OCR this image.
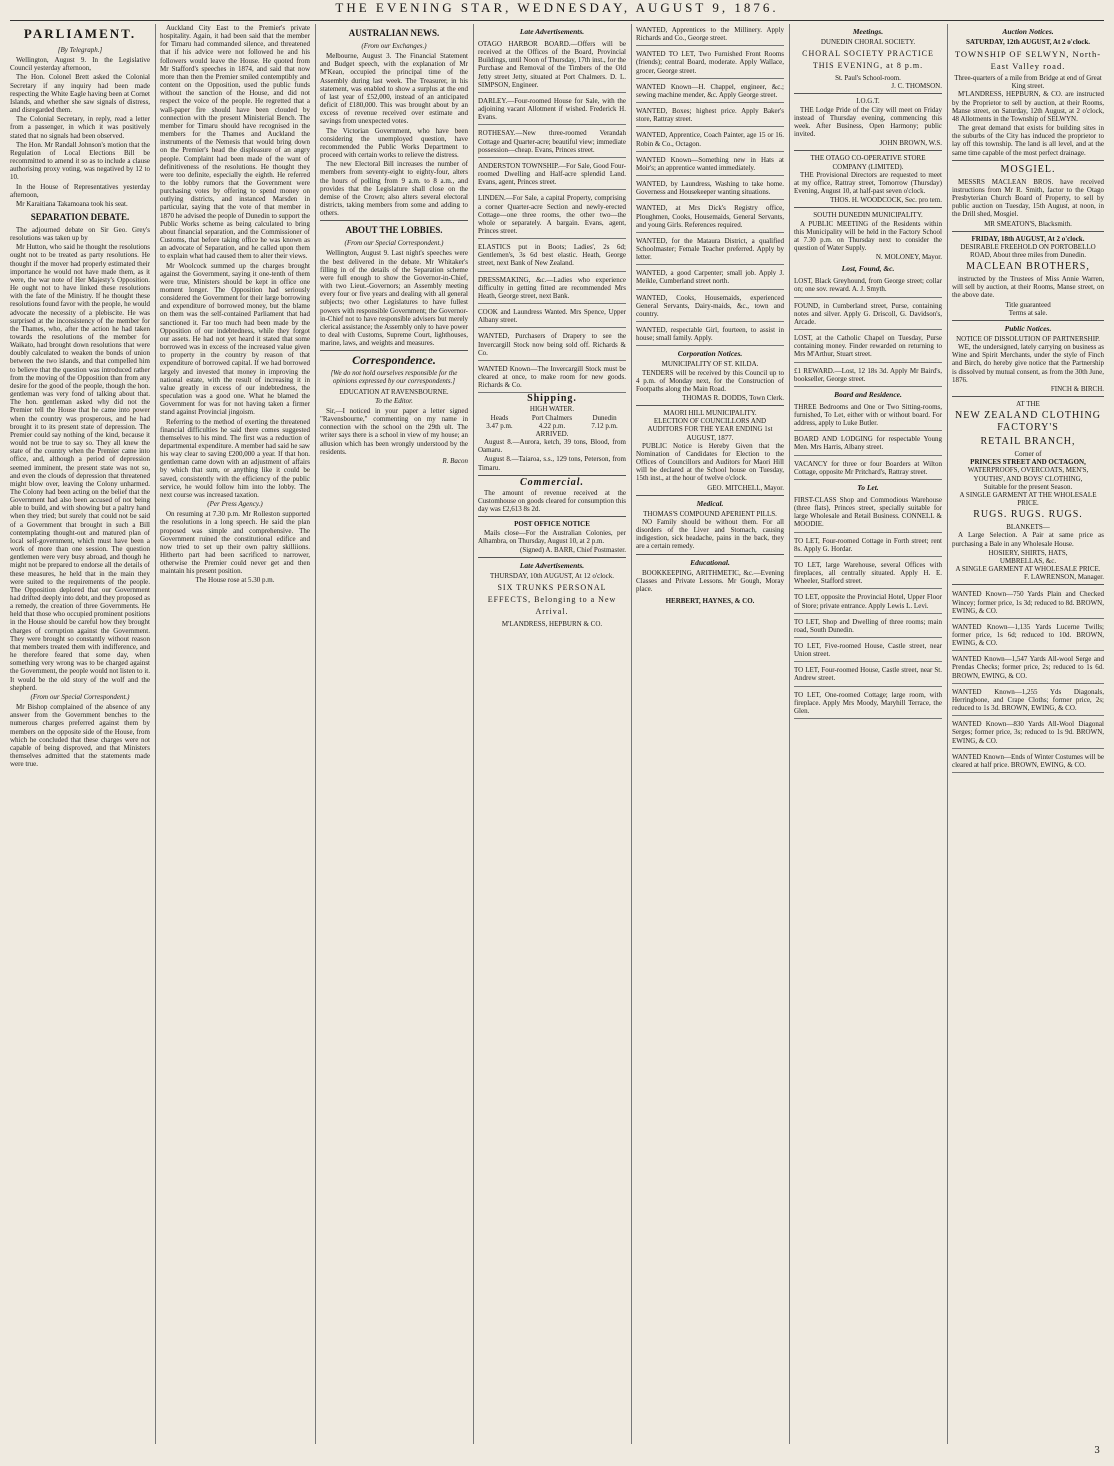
THE EVENING STAR, WEDNESDAY, AUGUST 9, 1876.
PARLIAMENT.
[By Telegraph.]

Wellington, August 9. In the Legislative Council yesterday afternoon,

The Hon. Colonel Brett asked the Colonial Secretary if any inquiry had been made respecting the White Eagle having been at Cornet Islands, and whether she saw signals of distress, and disregarded them.

The Colonial Secretary, in reply, read a letter from a passenger, in which it was positively stated that no signals had been observed.

The Hon. Mr Randall Johnson's motion that the Regulation of Local Elections Bill be recommitted to amend it so as to include a clause authorising proxy voting, was negatived by 12 to 10.

In the House of Representatives yesterday afternoon,

Mr Karaitiana Takamoana took his seat.

SEPARATION DEBATE.

The adjourned debate on Sir Geo. Grey's resolutions was taken up by

Mr Hutton, who said he thought the resolutions ought not to be treated as party resolutions. He thought if the mover had properly estimated their importance he would not have made them, as it were, the war note of Her Majesty's Opposition. He ought not to have linked these resolutions with the fate of the Ministry. If he thought these resolutions found favor with the people, he would advocate the necessity of a plebiscite. He was surprised at the inconsistency of the member for the Thames, who, after the action he had taken towards the resolutions of the member for Waikato, had brought down resolutions that were doubly calculated to weaken the bonds of union between the two islands, and that compelled him to believe that the question was introduced rather from the moving of the Opposition than from any desire for the good of the people, though the hon. gentleman was very fond of talking about that. The hon. gentleman asked why did not the Premier tell the House that he came into power when the country was prosperous, and he had brought it to its present state of depression. The Premier could say nothing of the kind, because it would not be true to say so. They all knew the state of the country when the Premier came into office, and, although a period of depression seemed imminent, the present state was not so, and even the clouds of depression that threatened might blow over, leaving the Colony unharmed. The Colony had been acting on the belief that the Government had also been accused of not being able to build, and with showing but a paltry hand when they tried; but surely that could not be said of a Government that brought in such a Bill contemplating thought-out and matured plan of local self-government, which must have been a work of more than one session. The question gentlemen were very busy abroad, and though he might not be prepared to endorse all the details of these measures, he held that in the main they were suited to the requirements of the people. The Opposition deplored that our Government had drifted deeply into debt, and they proposed as a remedy, the creation of three Governments. He held that those who occupied prominent positions in the House should be careful how they brought charges of corruption against the Government. They were brought so constantly without reason that members treated them with indifference, and he therefore feared that some day, when something very wrong was to be charged against the Government, the people would not listen to it. It would be the old story of the wolf and the shepherd.

(From our Special Correspondent.)

Mr Bishop complained of the absence of any answer from the Government benches to the numerous charges preferred against them by members on the opposite side of the House, from which he concluded that these charges were not capable of being disproved, and that Ministers themselves admitted that the statements made were true.

Auckland City East to the Premier's private hospitality. Again, it had been said that the member for Timaru had commanded silence, and threatened that if his advice were not followed he and his followers would leave the House. He quoted from Mr Stafford's speeches in 1874, and said that now more than then the Premier smiled contemptibly and content on the Opposition, used the public funds without the sanction of the House, and did not respect the voice of the people. He regretted that a wall-paper fire should have been clouded by connection with the present Ministerial Bench. The member for Timaru should have recognised in the members for the Thames and Auckland the instruments of the Nemesis that would bring down on the Premier's head the displeasure of an angry people. Complaint had been made of the want of definitiveness of the resolutions. He thought they were too definite, especially the eighth. He referred to the lobby rumors that the Government were purchasing votes by offering to spend money on outlying districts, and instanced Marsden in particular, saying that the vote of that member in 1870 he advised the people of Dunedin to support the Public Works scheme as being calculated to bring about financial separation, and the Commissioner of Customs, that before taking office he was known as an advocate of Separation, and he called upon them to explain what had caused them to alter their views.

Mr Woolcock summed up the charges brought against the Government, saying it one-tenth of them were true, Ministers should be kept in office one moment longer. The Opposition had seriously considered the Government for their large borrowing and expenditure of borrowed money, but the blame on them was the self-contained Parliament that had sanctioned it. Far too much had been made by the Opposition of our indebtedness, while they forgot our assets. He had not yet heard it stated that some borrowed was in excess of the increased value given to property in the country by reason of that expenditure of borrowed capital. If we had borrowed largely and invested that money in improving the national estate, with the result of increasing it in value greatly in excess of our indebtedness, the speculation was a good one. What he blamed the Government for was for not having taken a firmer stand against Provincial jingoism.

Referring to the method of exerting the threatened financial difficulties he said there comes suggested themselves to his mind. The first was a reduction of departmental expenditure. A member had said he saw his way clear to saving £200,000 a year. If that hon. gentleman came down with an adjustment of affairs by which that sum, or anything like it could be saved, consistently with the efficiency of the public service, he would follow him into the lobby. The next course was increased taxation.

(Per Press Agency.)

On resuming at 7.30 p.m. Mr Rolleston supported the resolutions in a long speech. He said the plan proposed was simple and comprehensive. The Government ruined the constitutional edifice and now tried to set up their own paltry skilliions. Hitherto part had been sacrificed to narrower, otherwise the Premier could never get and then maintain his present position.

The House rose at 5.30 p.m.
AUSTRALIAN NEWS.
(From our Exchanges.)

Melbourne, August 3. The Financial Statement and Budget speech, with the explanation of Mr M'Kean, occupied the principal time of the Assembly during last week. The Treasurer, in his statement, was enabled to show a surplus at the end of last year of £52,000, instead of an anticipated deficit of £180,000. This was brought about by an excess of revenue received over estimate and savings from unexpected votes.

The Victorian Government, who have been considering the unemployed question, have recommended the Public Works Department to proceed with certain works to relieve the distress.

The new Electoral Bill increases the number of members from seventy-eight to eighty-four, alters the hours of polling from 9 a.m. to 8 a.m., and provides that the Legislature shall close on the demise of the Crown; also alters several electoral districts, taking members from some and adding to others.

ABOUT THE LOBBIES.
(From our Special Correspondent.)

Wellington, August 9. Last night's speeches were the best delivered in the debate. Mr Whitaker's filling in of the details of the Separation scheme were full enough to show the Governor-in-Chief, with two Lieut.-Governors; an Assembly meeting every four or five years and dealing with all general subjects; two other Legislatures to have fullest powers with responsible Government; the Governor-in-Chief not to have responsible advisers but merely clerical assistance; the Assembly only to have power to deal with Customs, Supreme Court, lighthouses, marine, laws, and weights and measures.

Correspondence.
[We do not hold ourselves responsible for the opinions expressed by our correspondents.]
EDUCATION AT RAVENSBOURNE.
To the Editor.

Sir,—I noticed in your paper a letter signed "Ravensbourne," commenting on my name in connection with the school on the 29th ult. The writer says there is a school in view of my house; an allusion which has been wrongly understood by the residents.

R. Bacon
Late Advertisements.

OTAGO HARBOR BOARD.—Offers will be received at the Offices of the Board, Provincial Buildings, until Noon of Thursday, 17th inst., for the Purchase and Removal of the Timbers of the Old Jetty street Jetty, situated at Port Chalmers. D. L. SIMPSON, Engineer.

DARLEY.—Four-roomed House for Sale, with the adjoining vacant Allotment if wished. Frederick H. Evans.

ROTHESAY.—New three-roomed Verandah Cottage and Quarter-acre; beautiful view; immediate possession—cheap. Evans, Princes street.

ANDERSTON TOWNSHIP.—For Sale, Good Four-roomed Dwelling and Half-acre splendid Land. Evans, agent, Princes street.

LINDEN.—For Sale, a capital Property, comprising a corner Quarter-acre Section and newly-erected Cottage—one three rooms, the other two—the whole or separately. A bargain. Evans, agent, Princes street.

ELASTICS put in Boots; Ladies', 2s 6d; Gentlemen's, 3s 6d best elastic. Heath, George street, next Bank of New Zealand.

DRESSMAKING, &c.—Ladies who experience difficulty in getting fitted are recommended Mrs Heath, George street, next Bank.

COOK and Laundress Wanted. Mrs Spence, Upper Albany street.

WANTED, Purchasers of Drapery to see the Invercargill Stock now being sold off. Richards & Co.

WANTED Known—The Invercargill Stock must be cleared at once, to make room for new goods. Richards & Co.

Shipping.
HIGH WATER.
Heads	Port Chalmers	Dunedin
3.47 p.m.	4.22 p.m.	7.12 p.m.
ARRIVED.

August 8.—Aurora, ketch, 39 tons, Blood, from Oamaru.

August 8.—Taiaroa, s.s., 129 tons, Peterson, from Timaru.

Commercial.

The amount of revenue received at the Customhouse on goods cleared for consumption this day was £2,613 8s 2d.

POST OFFICE NOTICE

Mails close—For the Australian Colonies, per Alhambra, on Thursday, August 10, at 2 p.m.

(Signed) A. BARR, Chief Postmaster.
Late Advertisements.
THURSDAY, 10th AUGUST, At 12 o'clock.
SIX TRUNKS PERSONAL EFFECTS, Belonging to a New Arrival.
M'LANDRESS, HEPBURN & CO.

WANTED, Apprentices to the Millinery. Apply Richards and Co., George street.

WANTED TO LET, Two Furnished Front Rooms (friends); central Board, moderate. Apply Wallace, grocer, George street.

WANTED Known—H. Chappel, engineer, &c.; sewing machine mender, &c. Apply George street.

WANTED, Boxes; highest price. Apply Baker's store, Rattray street.

WANTED, Apprentice, Coach Painter, age 15 or 16. Robin & Co., Octagon.

WANTED Known—Something new in Hats at Moir's; an apprentice wanted immediately.

WANTED, by Laundress, Washing to take home. Governess and Housekeeper wanting situations.

WANTED, at Mrs Dick's Registry office, Ploughmen, Cooks, Housemaids, General Servants, and young Girls. References required.

WANTED, for the Mataura District, a qualified Schoolmaster; Female Teacher preferred. Apply by letter.

WANTED, a good Carpenter; small job. Apply J. Meikle, Cumberland street north.

WANTED, Cooks, Housemaids, experienced General Servants, Dairy-maids, &c., town and country.

WANTED, respectable Girl, fourteen, to assist in house; small family. Apply.

Corporation Notices.
MUNICIPALITY OF ST. KILDA.

TENDERS will be received by this Council up to 4 p.m. of Monday next, for the Construction of Footpaths along the Main Road.

THOMAS R. DODDS, Town Clerk.
MAORI HILL MUNICIPALITY.
ELECTION OF COUNCILLORS AND AUDITORS FOR THE YEAR ENDING 1st AUGUST, 1877.

PUBLIC Notice is Hereby Given that the Nomination of Candidates for Election to the Offices of Councillors and Auditors for Maori Hill will be declared at the School house on Tuesday, 15th inst., at the hour of twelve o'clock.

GEO. MITCHELL, Mayor.
Medical.
THOMAS'S COMPOUND APERIENT PILLS.

NO Family should be without them. For all disorders of the Liver and Stomach, causing indigestion, sick headache, pains in the back, they are a certain remedy.

Educational.

BOOKKEEPING, ARITHMETIC, &c.—Evening Classes and Private Lessons. Mr Gough, Moray place.

HERBERT, HAYNES, & CO.
Meetings.
DUNEDIN CHORAL SOCIETY.
CHORAL SOCIETY PRACTICE THIS EVENING, at 8 p.m.
St. Paul's School-room.
J. C. THOMSON.
I.O.G.T.

THE Lodge Pride of the City will meet on Friday instead of Thursday evening, commencing this week. After Business, Open Harmony; public invited.

JOHN BROWN, W.S.
THE OTAGO CO-OPERATIVE STORE COMPANY (LIMITED).

THE Provisional Directors are requested to meet at my office, Rattray street, Tomorrow (Thursday) Evening, August 10, at half-past seven o'clock.

THOS. H. WOODCOCK, Sec. pro tem.
SOUTH DUNEDIN MUNICIPALITY.

A PUBLIC MEETING of the Residents within this Municipality will be held in the Factory School at 7.30 p.m. on Thursday next to consider the question of Water Supply.

N. MOLONEY, Mayor.
Lost, Found, &c.

LOST, Black Greyhound, from George street; collar on; one sov. reward. A. J. Smyth.

FOUND, in Cumberland street, Purse, containing notes and silver. Apply G. Driscoll, G. Davidson's, Arcade.

LOST, at the Catholic Chapel on Tuesday, Purse containing money. Finder rewarded on returning to Mrs M'Arthur, Stuart street.

£1 REWARD.—Lost, 12 18s 3d. Apply Mr Baird's, bookseller, George street.

Board and Residence.

THREE Bedrooms and One or Two Sitting-rooms, furnished, To Let, either with or without board. For address, apply to Luke Butler.

BOARD AND LODGING for respectable Young Men. Mrs Harris, Albany street.

VACANCY for three or four Boarders at Wilton Cottage, opposite Mr Pritchard's, Rattray street.

To Let.

FIRST-CLASS Shop and Commodious Warehouse (three flats), Princes street, specially suitable for large Wholesale and Retail Business. CONNELL & MOODIE.

TO LET, Four-roomed Cottage in Forth street; rent 8s. Apply G. Hordar.

TO LET, large Warehouse, several Offices with fireplaces, all centrally situated. Apply H. E. Wheeler, Stafford street.

TO LET, opposite the Provincial Hotel, Upper Floor of Store; private entrance. Apply Lewis L. Levi.

TO LET, Shop and Dwelling of three rooms; main road, South Dunedin.

TO LET, Five-roomed House, Castle street, near Union street.

TO LET, Four-roomed House, Castle street, near St. Andrew street.

TO LET, One-roomed Cottage; large room, with fireplace. Apply Mrs Moody, Maryhill Terrace, the Glen.

Auction Notices.
SATURDAY, 12th AUGUST, At 2 o'clock.
TOWNSHIP OF SELWYN, North-East Valley road.
Three-quarters of a mile from Bridge at end of Great King street.

M'LANDRESS, HEPBURN, & CO. are instructed by the Proprietor to sell by auction, at their Rooms, Manse street, on Saturday, 12th August, at 2 o'clock, 48 Allotments in the Township of SELWYN.

The great demand that exists for building sites in the suburbs of the City has induced the proprietor to lay off this township. The land is all level, and at the same time capable of the most perfect drainage.

MOSGIEL.

MESSRS MACLEAN BROS. have received instructions from Mr R. Smith, factor to the Otago Presbyterian Church Board of Property, to sell by public auction on Tuesday, 15th August, at noon, in the Drill shed, Mosgiel.

MR SMEATON'S, Blacksmith.
FRIDAY, 18th AUGUST, At 2 o'clock.
DESIRABLE FREEHOLD ON PORTOBELLO ROAD, About three miles from Dunedin.
MACLEAN BROTHERS,

instructed by the Trustees of Miss Annie Warren, will sell by auction, at their Rooms, Manse street, on the above date.

Title guaranteed
Terms at sale.
Public Notices.
NOTICE OF DISSOLUTION OF PARTNERSHIP.

WE, the undersigned, lately carrying on business as Wine and Spirit Merchants, under the style of Finch and Birch, do hereby give notice that the Partnership is dissolved by mutual consent, as from the 30th June, 1876.

FINCH & BIRCH.
AT THE
NEW ZEALAND CLOTHING FACTORY'S
RETAIL BRANCH,
Corner of
PRINCES STREET AND OCTAGON,
WATERPROOFS, OVERCOATS, MEN'S, YOUTHS', AND BOYS' CLOTHING,
Suitable for the present Season.
A SINGLE GARMENT AT THE WHOLESALE PRICE.
RUGS. RUGS. RUGS.
BLANKETS—

A Large Selection. A Pair at same price as purchasing a Bale in any Wholesale House.

HOSIERY, SHIRTS, HATS,
UMBRELLAS, &c.
A SINGLE GARMENT AT WHOLESALE PRICE.
F. LAWRENSON, Manager.

WANTED Known—750 Yards Plain and Checked Wincey; former price, 1s 3d; reduced to 8d. BROWN, EWING, & CO.

WANTED Known—1,135 Yards Lucerne Twills; former price, 1s 6d; reduced to 10d. BROWN, EWING, & CO.

WANTED Known—1,547 Yards All-wool Serge and Prendas Checks; former price, 2s; reduced to 1s 6d. BROWN, EWING, & CO.

WANTED Known—1,255 Yds Diagonals, Herringbone, and Crape Cloths; former price, 2s; reduced to 1s 3d. BROWN, EWING, & CO.

WANTED Known—830 Yards All-Wool Diagonal Serges; former price, 3s; reduced to 1s 9d. BROWN, EWING, & CO.

WANTED Known—Ends of Winter Costumes will be cleared at half price. BROWN, EWING, & CO.

3
